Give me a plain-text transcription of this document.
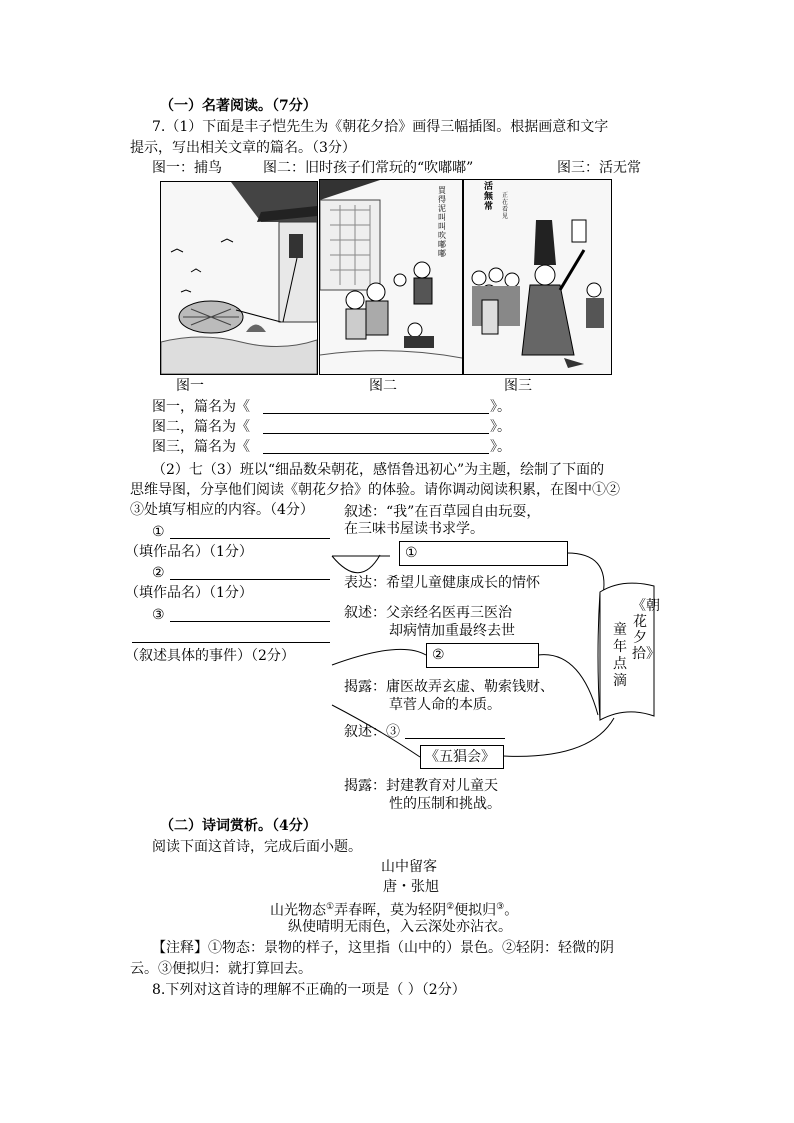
（一）名著阅读。（7分）
7.（1）下面是丰子恺先生为《朝花夕拾》画得三幅插图。根据画意和文字
提示，写出相关文章的篇名。（3分）
图一：捕鸟	图二：旧时孩子们常玩的“吹嘟嘟”	图三：活无常
買得泥叫叫吹嘟嘟
活無常
正在看见
图一	图二	图三
图一，篇名为《	》。
图二，篇名为《	》。
图三，篇名为《	》。
（2）七（3）班以“细品数朵朝花，感悟鲁迅初心”为主题，绘制了下面的
思维导图，分享他们阅读《朝花夕拾》的体验。请你调动阅读积累，在图中①②
③处填写相应的内容。（4分）
①
（填作品名）（1分）
②
（填作品名）（1分）
③
（叙述具体的事件）（2分）
叙述：“我”在百草园自由玩耍，
在三味书屋读书求学。
①
表达：希望儿童健康成长的情怀
叙述：父亲经名医再三医治
却病情加重最终去世
②
揭露：庸医故弄玄虚、勒索钱财、
草菅人命的本质。
叙述：③
《五猖会》
揭露：封建教育对儿童天
性的压制和挑战。
《朝花夕拾》
童年点滴
（二）诗词赏析。（4分）
阅读下面这首诗，完成后面小题。
山中留客
唐・张旭
山光物态①弄春晖，莫为轻阴②便拟归③。
纵使晴明无雨色，入云深处亦沾衣。
【注释】①物态：景物的样子，这里指（山中的）景色。②轻阴：轻微的阴
云。③便拟归：就打算回去。
8.下列对这首诗的理解不正确的一项是（ ）（2分）
